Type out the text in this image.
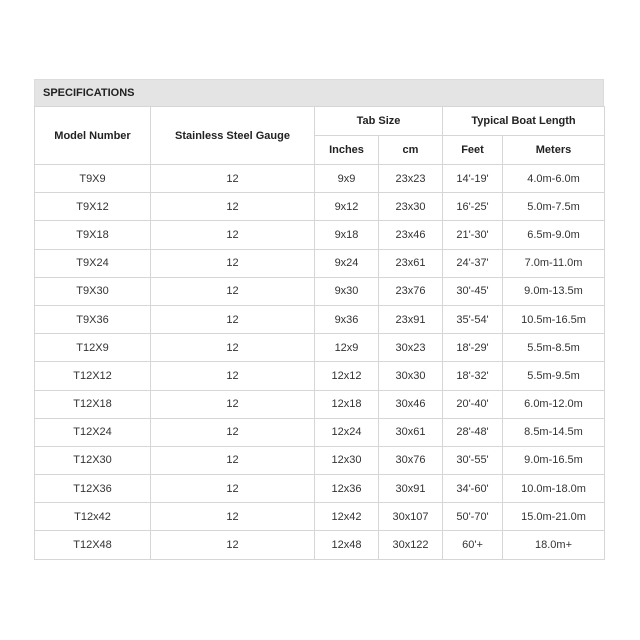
SPECIFICATIONS
Model Number	Stainless Steel Gauge	Tab Size		Typical Boat Length	
		Inches	cm	Feet	Meters
T9X9	12	9x9	23x23	14'-19'	4.0m-6.0m
T9X12	12	9x12	23x30	16'-25'	5.0m-7.5m
T9X18	12	9x18	23x46	21'-30'	6.5m-9.0m
T9X24	12	9x24	23x61	24'-37'	7.0m-11.0m
T9X30	12	9x30	23x76	30'-45'	9.0m-13.5m
T9X36	12	9x36	23x91	35'-54'	10.5m-16.5m
T12X9	12	12x9	30x23	18'-29'	5.5m-8.5m
T12X12	12	12x12	30x30	18'-32'	5.5m-9.5m
T12X18	12	12x18	30x46	20'-40'	6.0m-12.0m
T12X24	12	12x24	30x61	28'-48'	8.5m-14.5m
T12X30	12	12x30	30x76	30'-55'	9.0m-16.5m
T12X36	12	12x36	30x91	34'-60'	10.0m-18.0m
T12x42	12	12x42	30x107	50'-70'	15.0m-21.0m
T12X48	12	12x48	30x122	60'+	18.0m+
